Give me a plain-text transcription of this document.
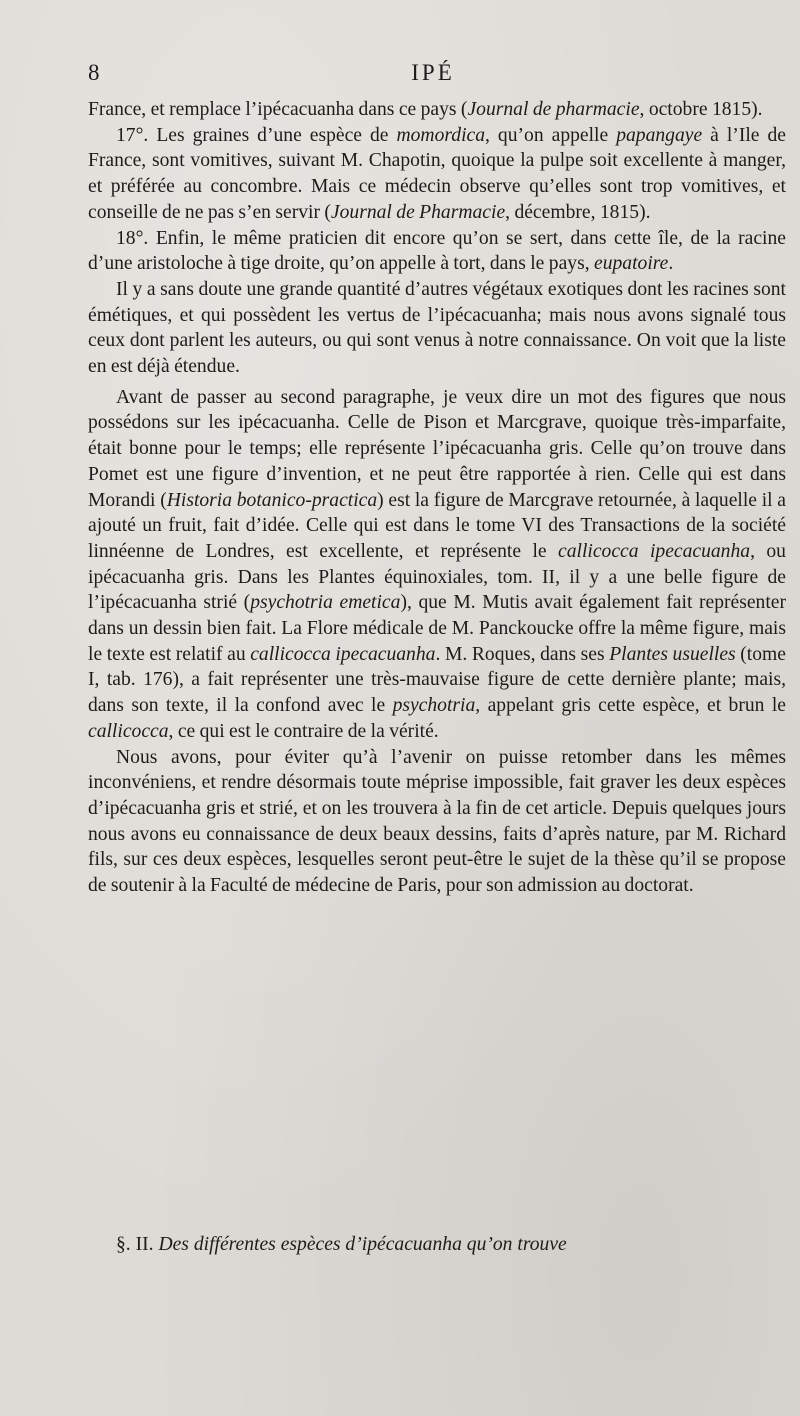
8	IPÉ

France, et remplace l’ipécacuanha dans ce pays (Journal de pharmacie, octobre 1815).

17°. Les graines d’une espèce de momordica, qu’on appelle papangaye à l’Ile de France, sont vomitives, suivant M. Chapotin, quoique la pulpe soit excellente à manger, et préférée au concombre. Mais ce médecin observe qu’elles sont trop vomitives, et conseille de ne pas s’en servir (Journal de Pharmacie, décembre, 1815).

18°. Enfin, le même praticien dit encore qu’on se sert, dans cette île, de la racine d’une aristoloche à tige droite, qu’on appelle à tort, dans le pays, eupatoire.

Il y a sans doute une grande quantité d’autres végétaux exotiques dont les racines sont émétiques, et qui possèdent les vertus de l’ipécacuanha; mais nous avons signalé tous ceux dont parlent les auteurs, ou qui sont venus à notre connaissance. On voit que la liste en est déjà étendue.

Avant de passer au second paragraphe, je veux dire un mot des figures que nous possédons sur les ipécacuanha. Celle de Pison et Marcgrave, quoique très-imparfaite, était bonne pour le temps; elle représente l’ipécacuanha gris. Celle qu’on trouve dans Pomet est une figure d’invention, et ne peut être rapportée à rien. Celle qui est dans Morandi (Historia botanico-practica) est la figure de Marcgrave retournée, à laquelle il a ajouté un fruit, fait d’idée. Celle qui est dans le tome VI des Transactions de la société linnéenne de Londres, est excellente, et représente le callicocca ipecacuanha, ou ipécacuanha gris. Dans les Plantes équinoxiales, tom. II, il y a une belle figure de l’ipécacuanha strié (psychotria emetica), que M. Mutis avait également fait représenter dans un dessin bien fait. La Flore médicale de M. Panckoucke offre la même figure, mais le texte est relatif au callicocca ipecacuanha. M. Roques, dans ses Plantes usuelles (tome I, tab. 176), a fait représenter une très-mauvaise figure de cette dernière plante; mais, dans son texte, il la confond avec le psychotria, appelant gris cette espèce, et brun le callicocca, ce qui est le contraire de la vérité.

Nous avons, pour éviter qu’à l’avenir on puisse retomber dans les mêmes inconvéniens, et rendre désormais toute méprise impossible, fait graver les deux espèces d’ipécacuanha gris et strié, et on les trouvera à la fin de cet article. Depuis quelques jours nous avons eu connaissance de deux beaux dessins, faits d’après nature, par M. Richard fils, sur ces deux espèces, lesquelles seront peut-être le sujet de la thèse qu’il se propose de soutenir à la Faculté de médecine de Paris, pour son admission au doctorat.

§. II. Des différentes espèces d’ipécacuanha qu’on trouve
